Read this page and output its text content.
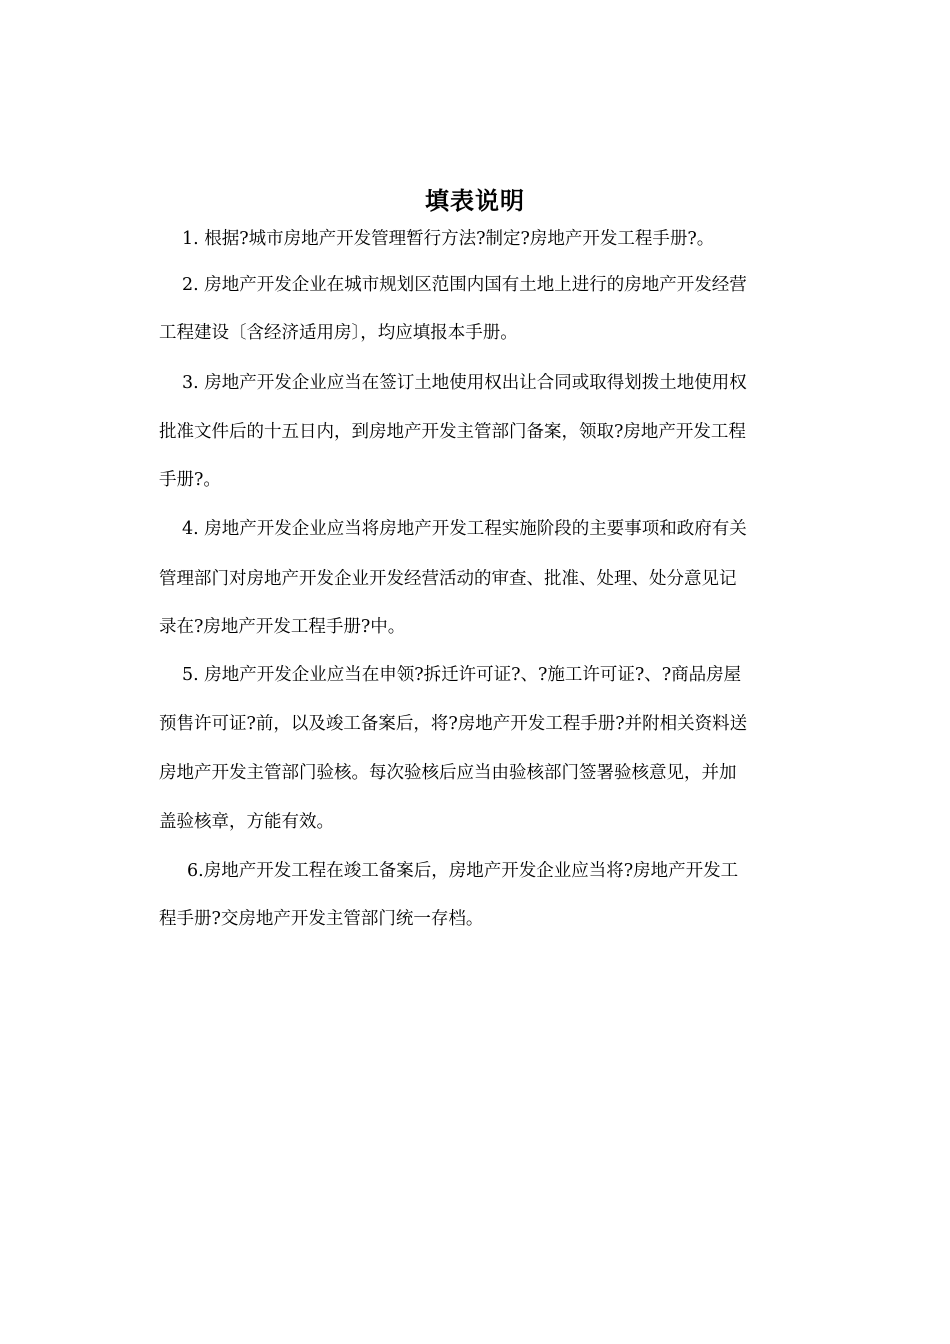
填表说明
1. 根据?城市房地产开发管理暂行方法?制定?房地产开发工程手册?。
2. 房地产开发企业在城市规划区范围内国有土地上进行的房地产开发经营
工程建设〔含经济适用房〕，均应填报本手册。
3. 房地产开发企业应当在签订土地使用权出让合同或取得划拨土地使用权
批准文件后的十五日内，到房地产开发主管部门备案，领取?房地产开发工程
手册?。
4. 房地产开发企业应当将房地产开发工程实施阶段的主要事项和政府有关
管理部门对房地产开发企业开发经营活动的审查、批准、处理、处分意见记
录在?房地产开发工程手册?中。
5. 房地产开发企业应当在申领?拆迁许可证?、?施工许可证?、?商品房屋
预售许可证?前，以及竣工备案后，将?房地产开发工程手册?并附相关资料送
房地产开发主管部门验核。每次验核后应当由验核部门签署验核意见，并加
盖验核章，方能有效。
6.房地产开发工程在竣工备案后，房地产开发企业应当将?房地产开发工
程手册?交房地产开发主管部门统一存档。
